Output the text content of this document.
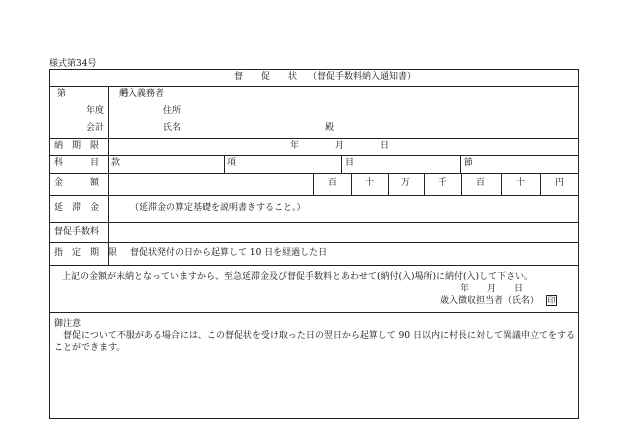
様式第34号
督　　促　　状 （督促手数料納入通知書）
第　　　　　　号
納入義務者
年度	住所
会計	氏名	殿
納　期　限	年　　　　月　　　　日
科　　　目 款	項	目	節
金　　　額	百	十	万	千	百	十	円
延　滞　金	（延滞金の算定基礎を説明書きすること。）
督促手数料
指　定　期　限 督促状発付の日から起算して 10 日を経過した日
上記の金額が未納となっていますから、至急延滞金及び督促手数料とあわせて(納付(入)場所)に納付(入)して下さい。
年　　月　　日
歳入徴収担当者（氏名） 印
御注意
督促について不服がある場合には、この督促状を受け取った日の翌日から起算して 90 日以内に村長に対して異議申立てをすることができます。
